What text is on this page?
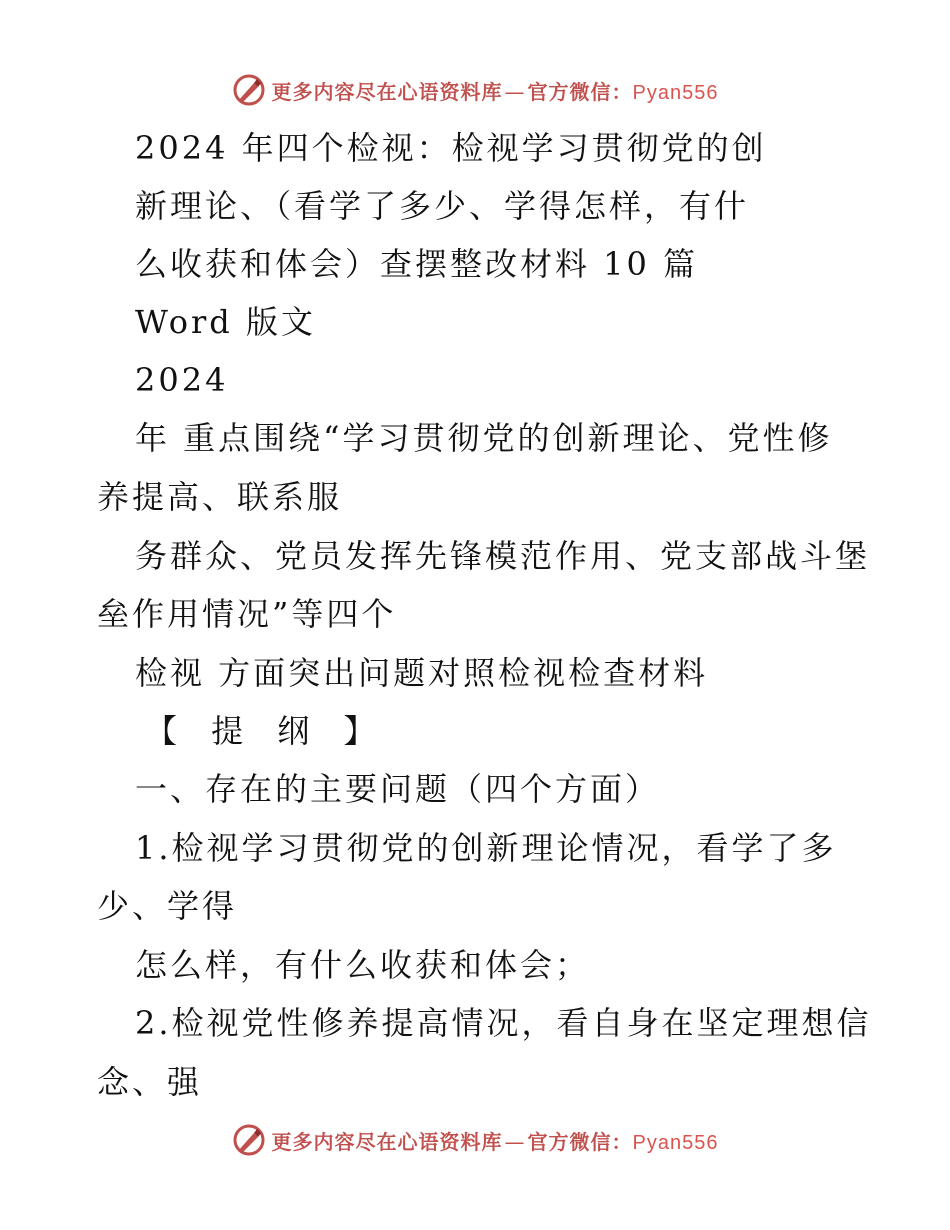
更多内容尽在心语资料库 — 官方微信：Pyan556
2024 年四个检视：检视学习贯彻党的创
新理论、（看学了多少、学得怎样，有什
么收获和体会）查摆整改材料 10 篇
Word 版文
2024
年 重点围绕“学习贯彻党的创新理论、党性修
养提高、联系服
务群众、党员发挥先锋模范作用、党支部战斗堡
垒作用情况”等四个
检视 方面突出问题对照检视检查材料
【 提 纲 】
一、存在的主要问题（四个方面）
1.检视学习贯彻党的创新理论情况，看学了多
少、学得
怎么样，有什么收获和体会；
2.检视党性修养提高情况，看自身在坚定理想信
念、强
更多内容尽在心语资料库 — 官方微信：Pyan556
